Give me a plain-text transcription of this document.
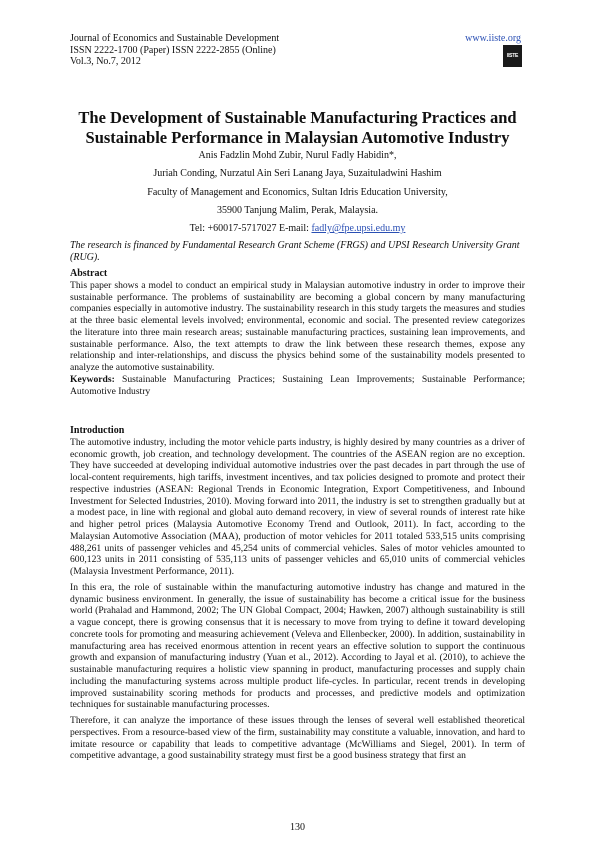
Journal of Economics and Sustainable Development
ISSN 2222-1700 (Paper) ISSN 2222-2855 (Online)
Vol.3, No.7, 2012
www.iiste.org
IISTE
The Development of Sustainable Manufacturing Practices and Sustainable Performance in Malaysian Automotive Industry
Anis Fadzlin Mohd Zubir, Nurul Fadly Habidin*,
Juriah Conding, Nurzatul Ain Seri Lanang Jaya, Suzaituladwini Hashim
Faculty of Management and Economics, Sultan Idris Education University,
35900 Tanjung Malim, Perak, Malaysia.
Tel: +60017-5717027 E-mail: fadly@fpe.upsi.edu.my
The research is financed by Fundamental Research Grant Scheme (FRGS) and UPSI Research University Grant (RUG).
Abstract

This paper shows a model to conduct an empirical study in Malaysian automotive industry in order to improve their sustainable performance. The problems of sustainability are becoming a global concern by many manufacturing companies especially in automotive industry. The sustainability research in this study targets the measures and studies at the three basic elemental levels involved; environmental, economic and social. The presented review categorizes the literature into three main research areas; sustainable manufacturing practices, sustaining lean improvements, and sustainable performance. Also, the text attempts to draw the link between these research themes, expose any relationship and inter-relationships, and discuss the physics behind some of the sustainability models presented to analyze the automotive sustainability.

Keywords: Sustainable Manufacturing Practices; Sustaining Lean Improvements; Sustainable Performance; Automotive Industry

Introduction

The automotive industry, including the motor vehicle parts industry, is highly desired by many countries as a driver of economic growth, job creation, and technology development. The countries of the ASEAN region are no exception. They have succeeded at developing individual automotive industries over the past decades in part through the use of local-content requirements, high tariffs, investment incentives, and tax policies designed to promote and protect their respective industries (ASEAN: Regional Trends in Economic Integration, Export Competitiveness, and Inbound Investment for Selected Industries, 2010). Moving forward into 2011, the industry is set to strengthen gradually but at a modest pace, in line with regional and global auto demand recovery, in view of several rounds of interest rate hike and higher petrol prices (Malaysia Automotive Economy Trend and Outlook, 2011). In fact, according to the Malaysian Automotive Association (MAA), production of motor vehicles for 2011 totaled 533,515 units comprising 488,261 units of passenger vehicles and 45,254 units of commercial vehicles. Sales of motor vehicles amounted to 600,123 units in 2011 consisting of 535,113 units of passenger vehicles and 65,010 units of commercial vehicles (Malaysia Investment Performance, 2011).

In this era, the role of sustainable within the manufacturing automotive industry has change and matured in the dynamic business environment. In generally, the issue of sustainability has become a critical issue for the business world (Prahalad and Hammond, 2002; The UN Global Compact, 2004; Hawken, 2007) although sustainability is still a vague concept, there is growing consensus that it is necessary to move from trying to define it toward developing concrete tools for promoting and measuring achievement (Veleva and Ellenbecker, 2000). In addition, sustainability in manufacturing area has received enormous attention in recent years an effective solution to support the continuous growth and expansion of manufacturing industry (Yuan et al., 2012). According to Jayal et al. (2010), to achieve the sustainable manufacturing requires a holistic view spanning in product, manufacturing processes and supply chain including the manufacturing systems across multiple product life-cycles. In particular, recent trends in developing improved sustainability scoring methods for products and processes, and predictive models and optimization techniques for sustainable manufacturing processes.

Therefore, it can analyze the importance of these issues through the lenses of several well established theoretical perspectives. From a resource-based view of the firm, sustainability may constitute a valuable, innovation, and hard to imitate resource or capability that leads to competitive advantage (McWilliams and Siegel, 2001). In term of competitive advantage, a good sustainability strategy must first be a good business strategy that first an

130
